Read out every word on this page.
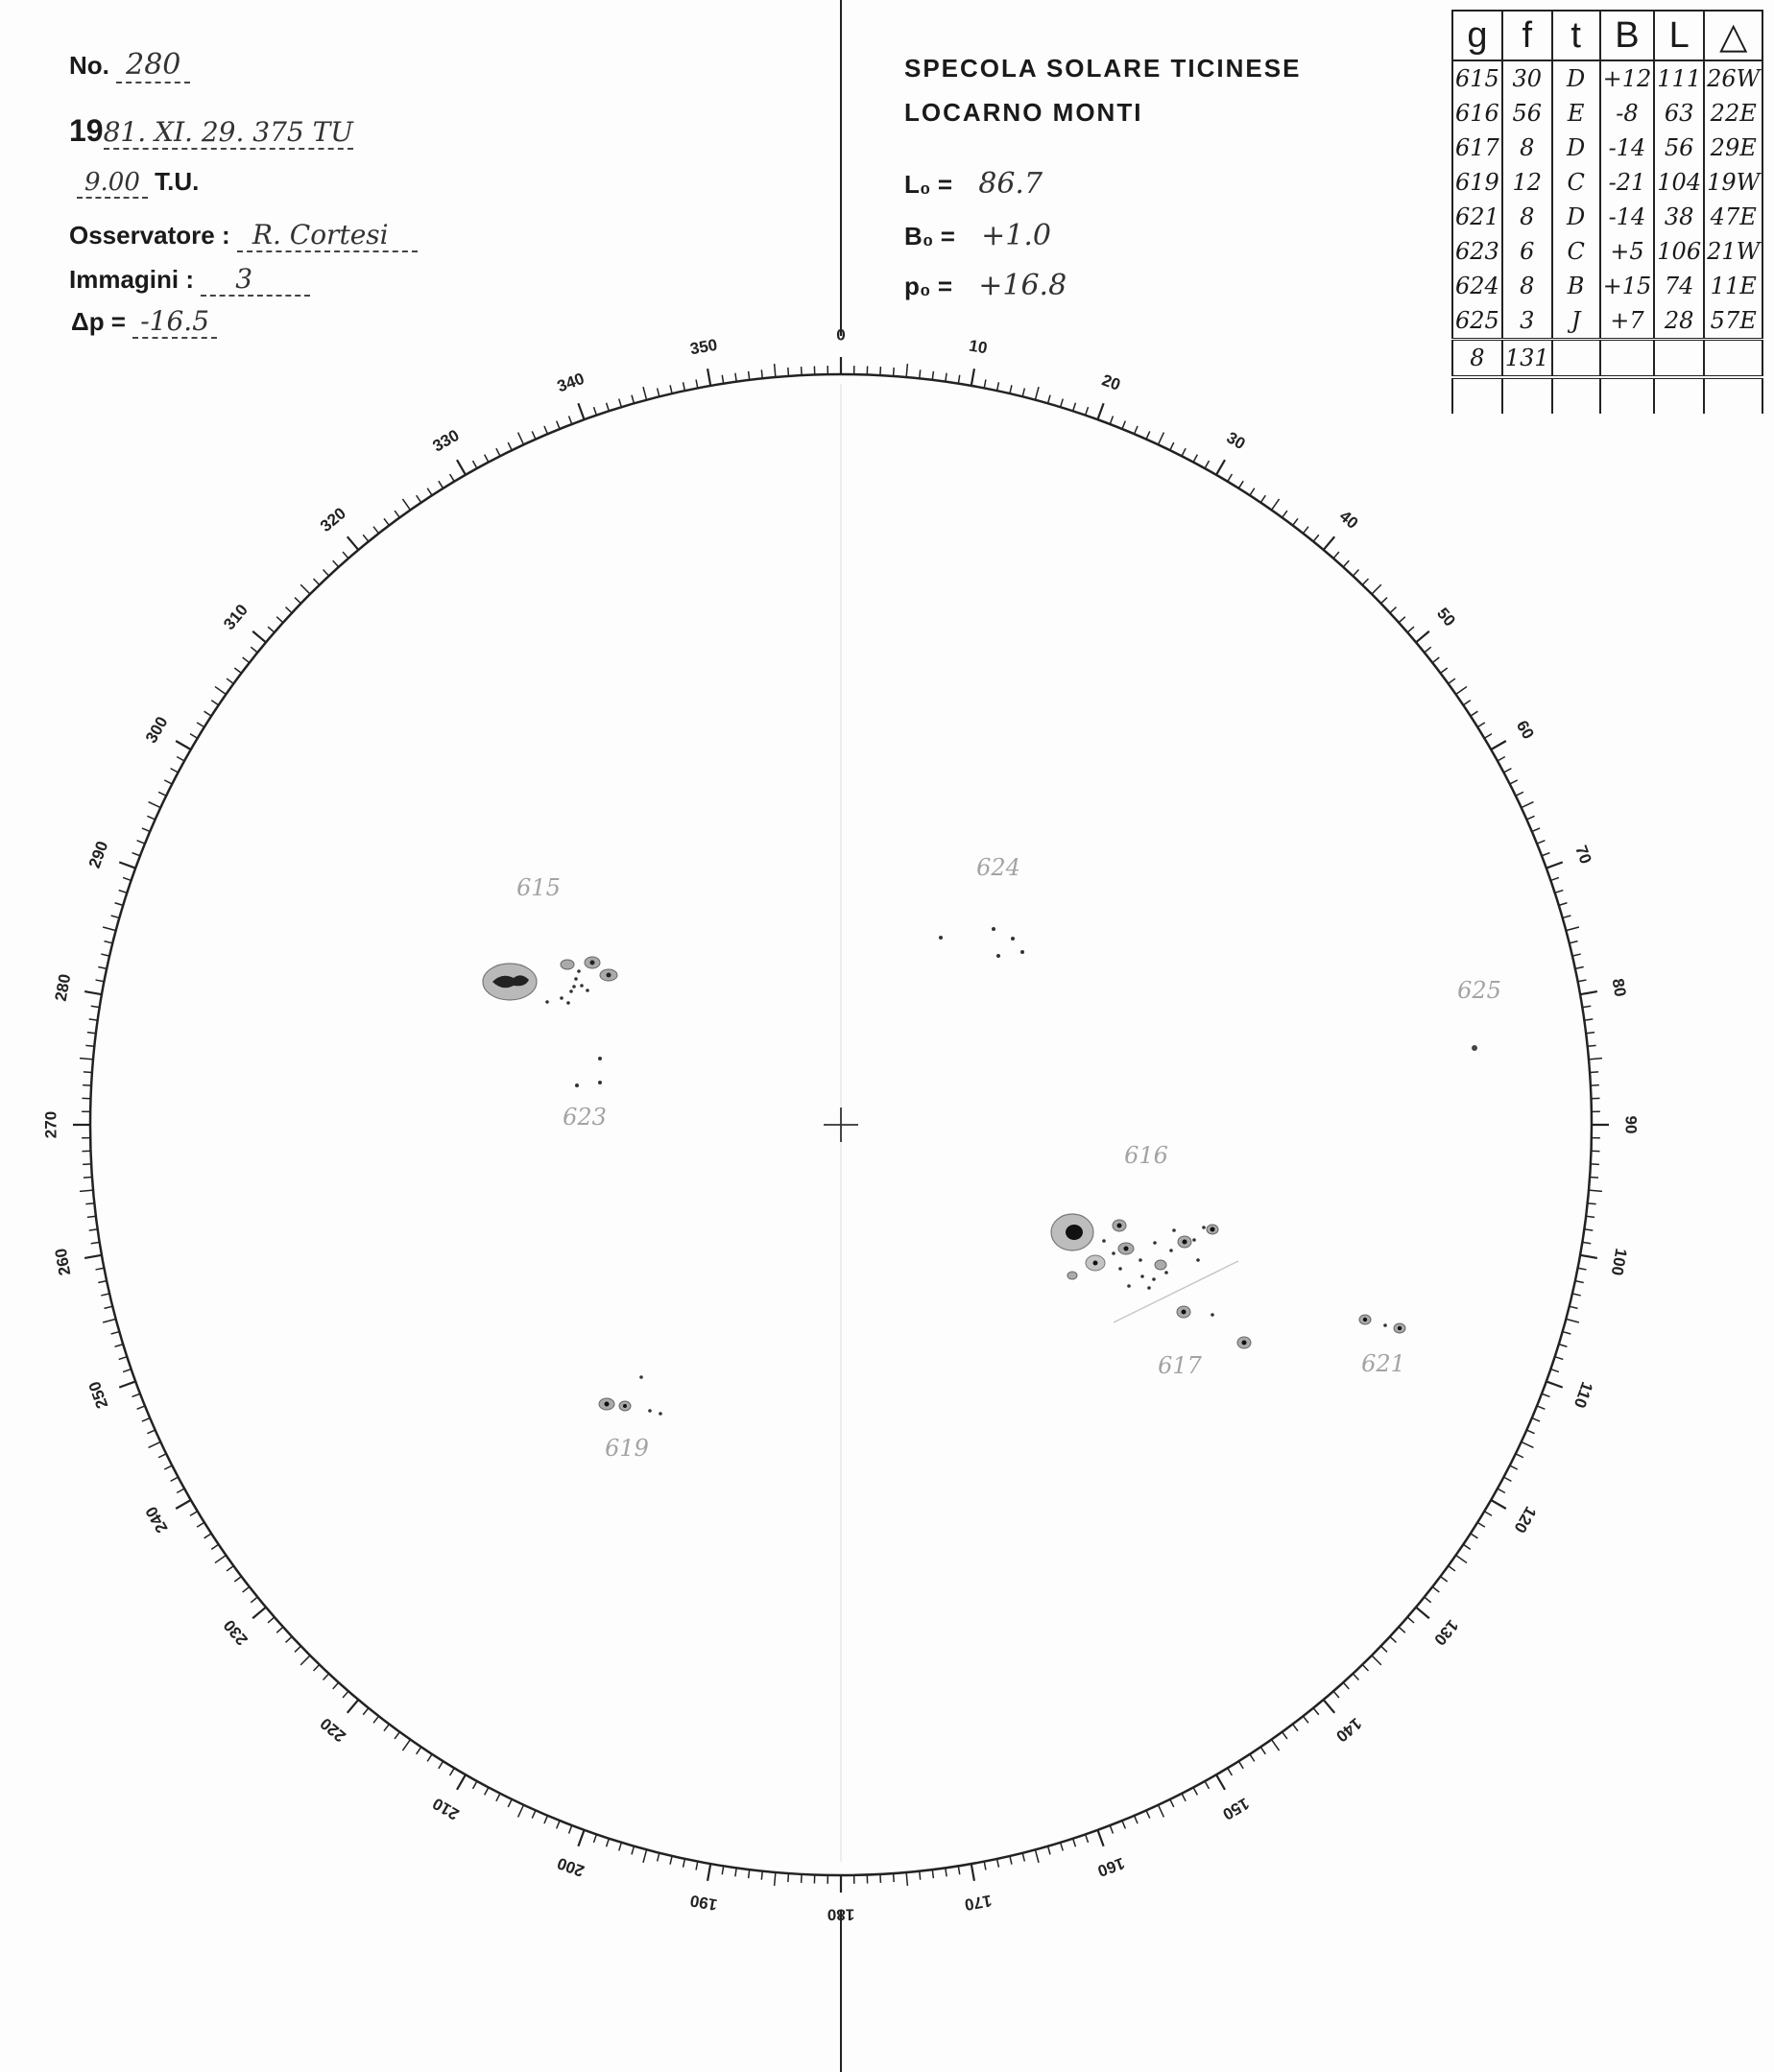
No. 280
1981. XI. 29. 375 TU
9.00 T.U.
Osservatore : R. Cortesi
Immagini : 3
Δp = -16.5
SPECOLA SOLARE TICINESE
LOCARNO MONTI
L₀ = 86.7
B₀ = +1.0
p₀ = +16.8
g	f	t	B	L	△
615	30	D	+12	111	26W
616	56	E	-8	63	22E
617	8	D	-14	56	29E
619	12	C	-21	104	19W
621	8	D	-14	38	47E
623	6	C	+5	106	21W
624	8	B	+15	74	11E
625	3	J	+7	28	57E
8	131				

0
10
20
30
40
50
60
70
80
90
100
110
120
130
140
150
160
170
180
190
200
210
220
230
240
250
260
270
280
290
300
310
320
330
340
350
615
616
617
619
621
623
624
625
